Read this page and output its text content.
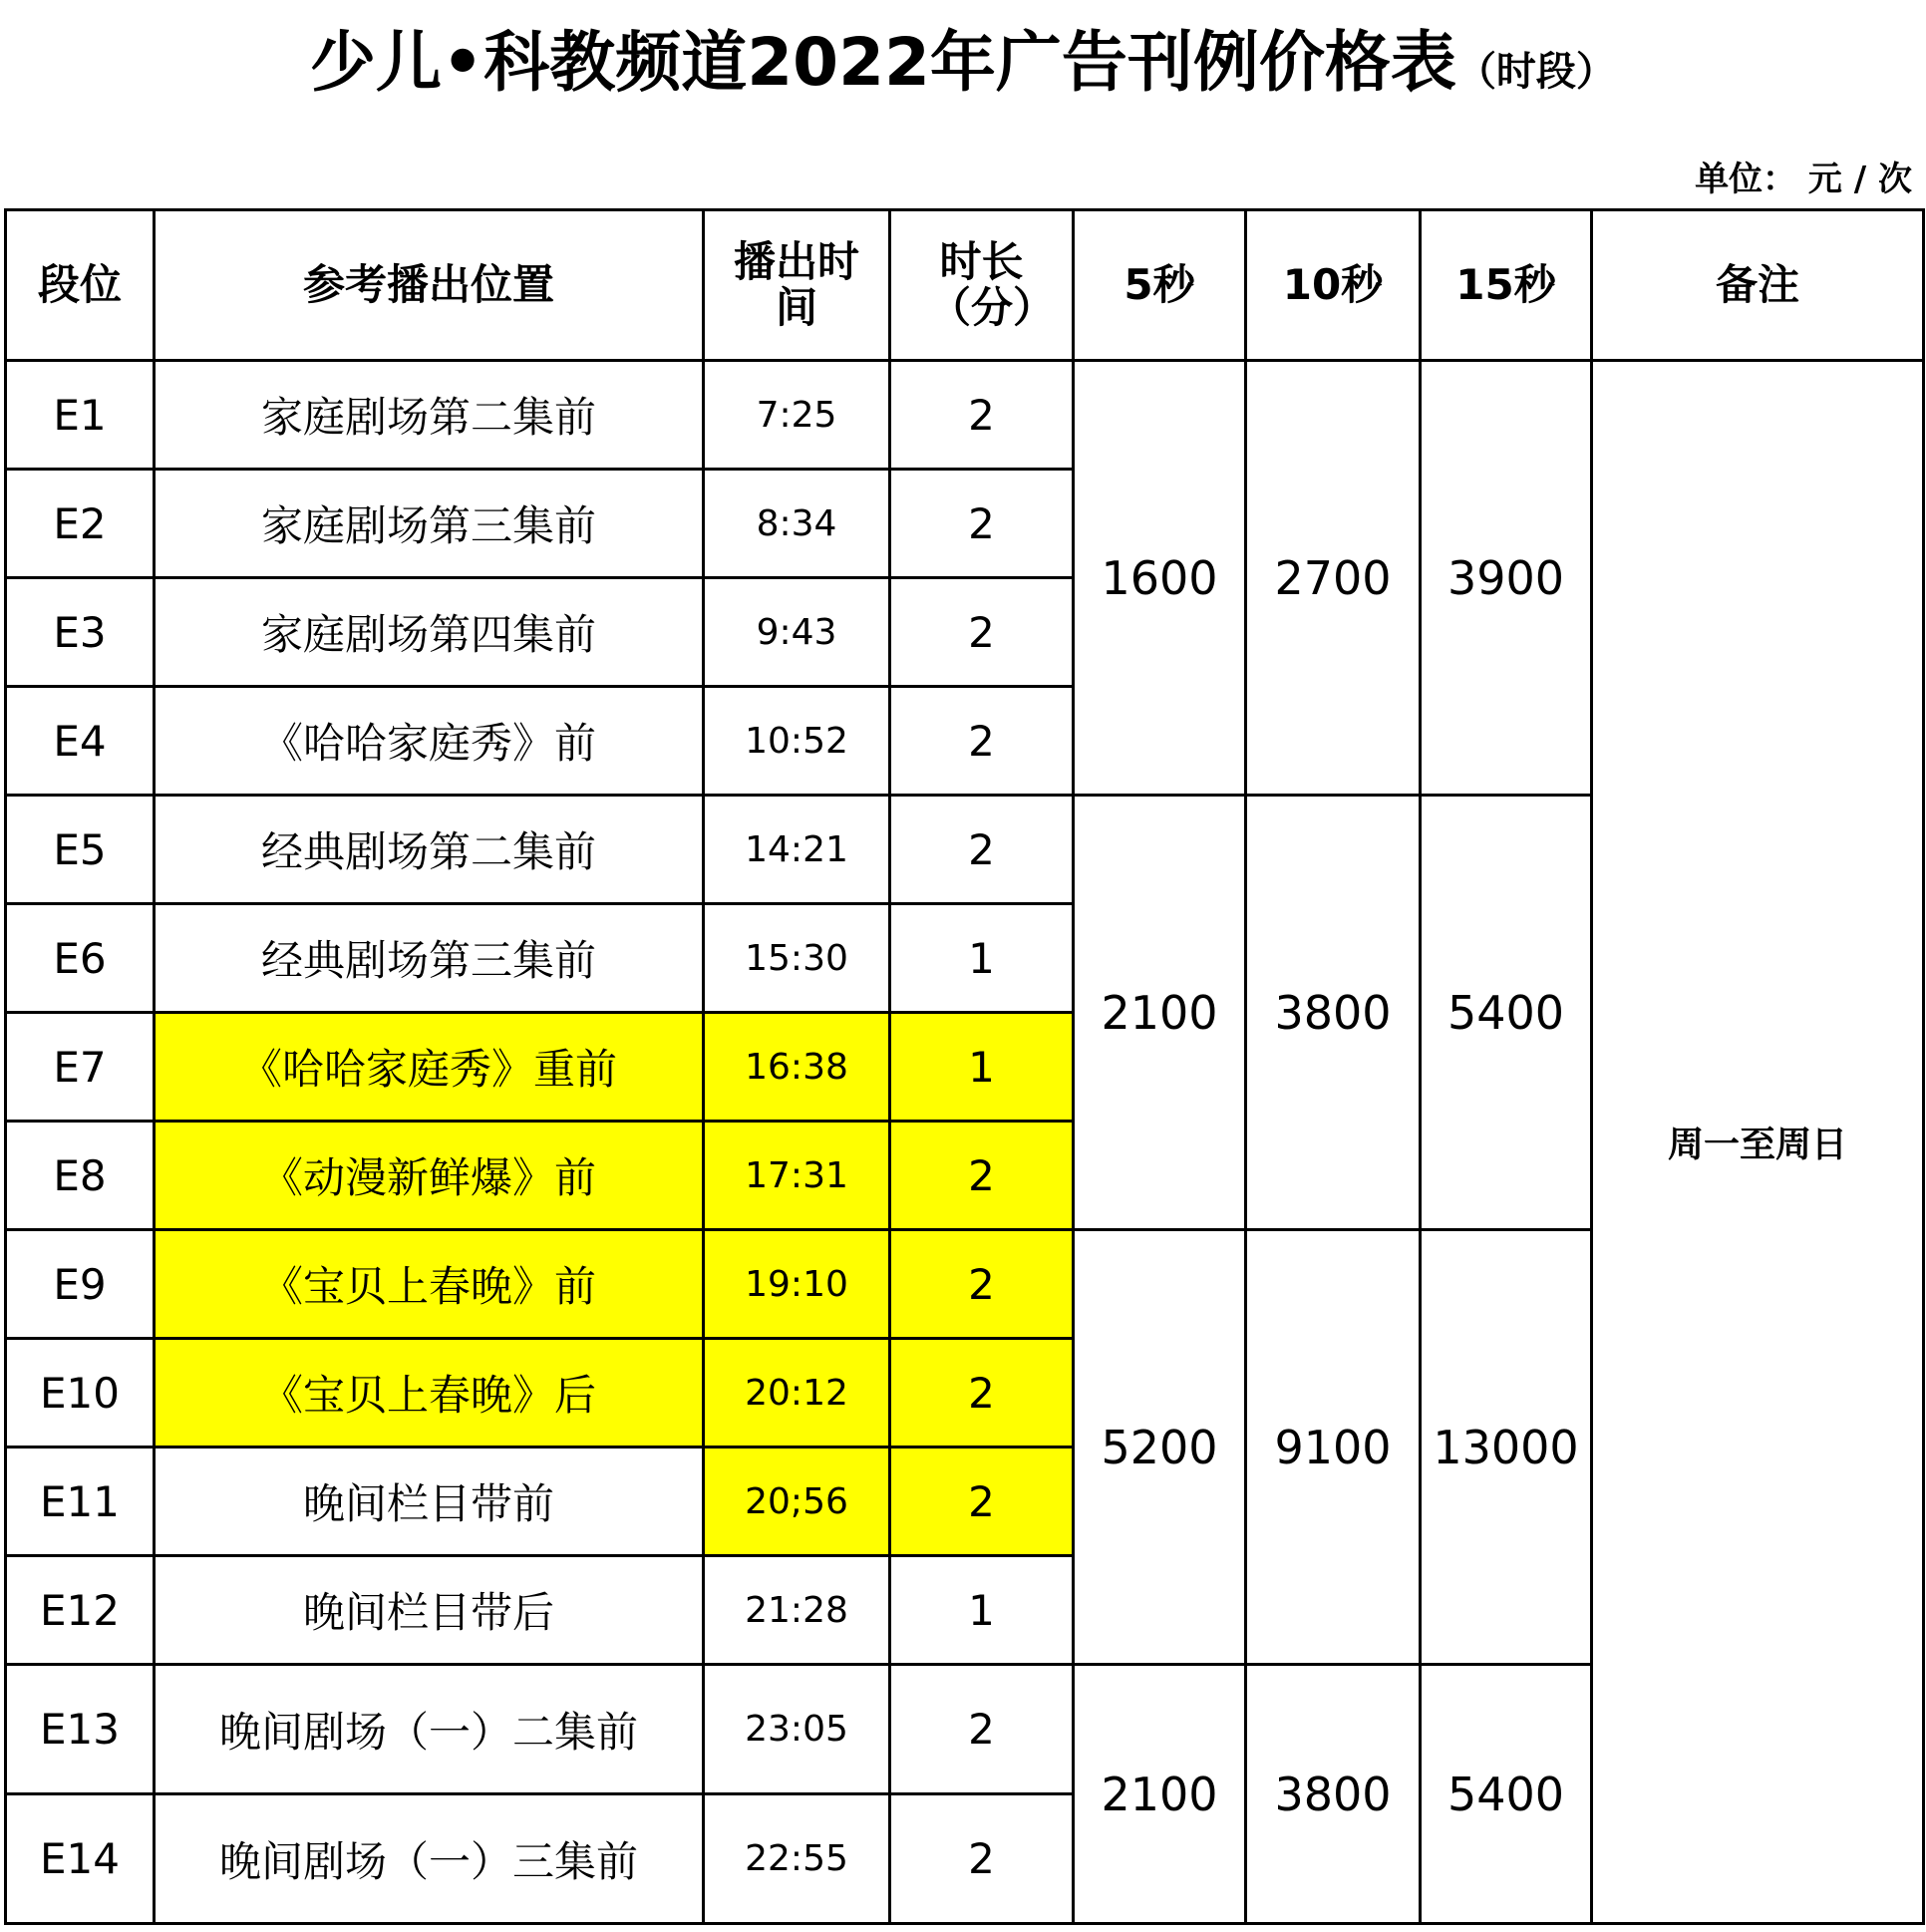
少儿•科教频道2022年广告刊例价格表（时段）
单位： 元 / 次
段位	参考播出位置	播出时间	时长（分）	5秒	10秒	15秒	备注
E1	家庭剧场第二集前	7:25	2	1600	2700	3900	周一至周日
E2	家庭剧场第三集前	8:34	2				
E3	家庭剧场第四集前	9:43	2				
E4	《哈哈家庭秀》前	10:52	2				
E5	经典剧场第二集前	14:21	2	2100	3800	5400	
E6	经典剧场第三集前	15:30	1				
E7	《哈哈家庭秀》重前	16:38	1				
E8	《动漫新鲜爆》前	17:31	2				
E9	《宝贝上春晚》前	19:10	2	5200	9100	13000	
E10	《宝贝上春晚》后	20:12	2				
E11	晚间栏目带前	20;56	2				
E12	晚间栏目带后	21:28	1				
E13	晚间剧场（一）二集前	23:05	2	2100	3800	5400	
E14	晚间剧场（一）三集前	22:55	2				
